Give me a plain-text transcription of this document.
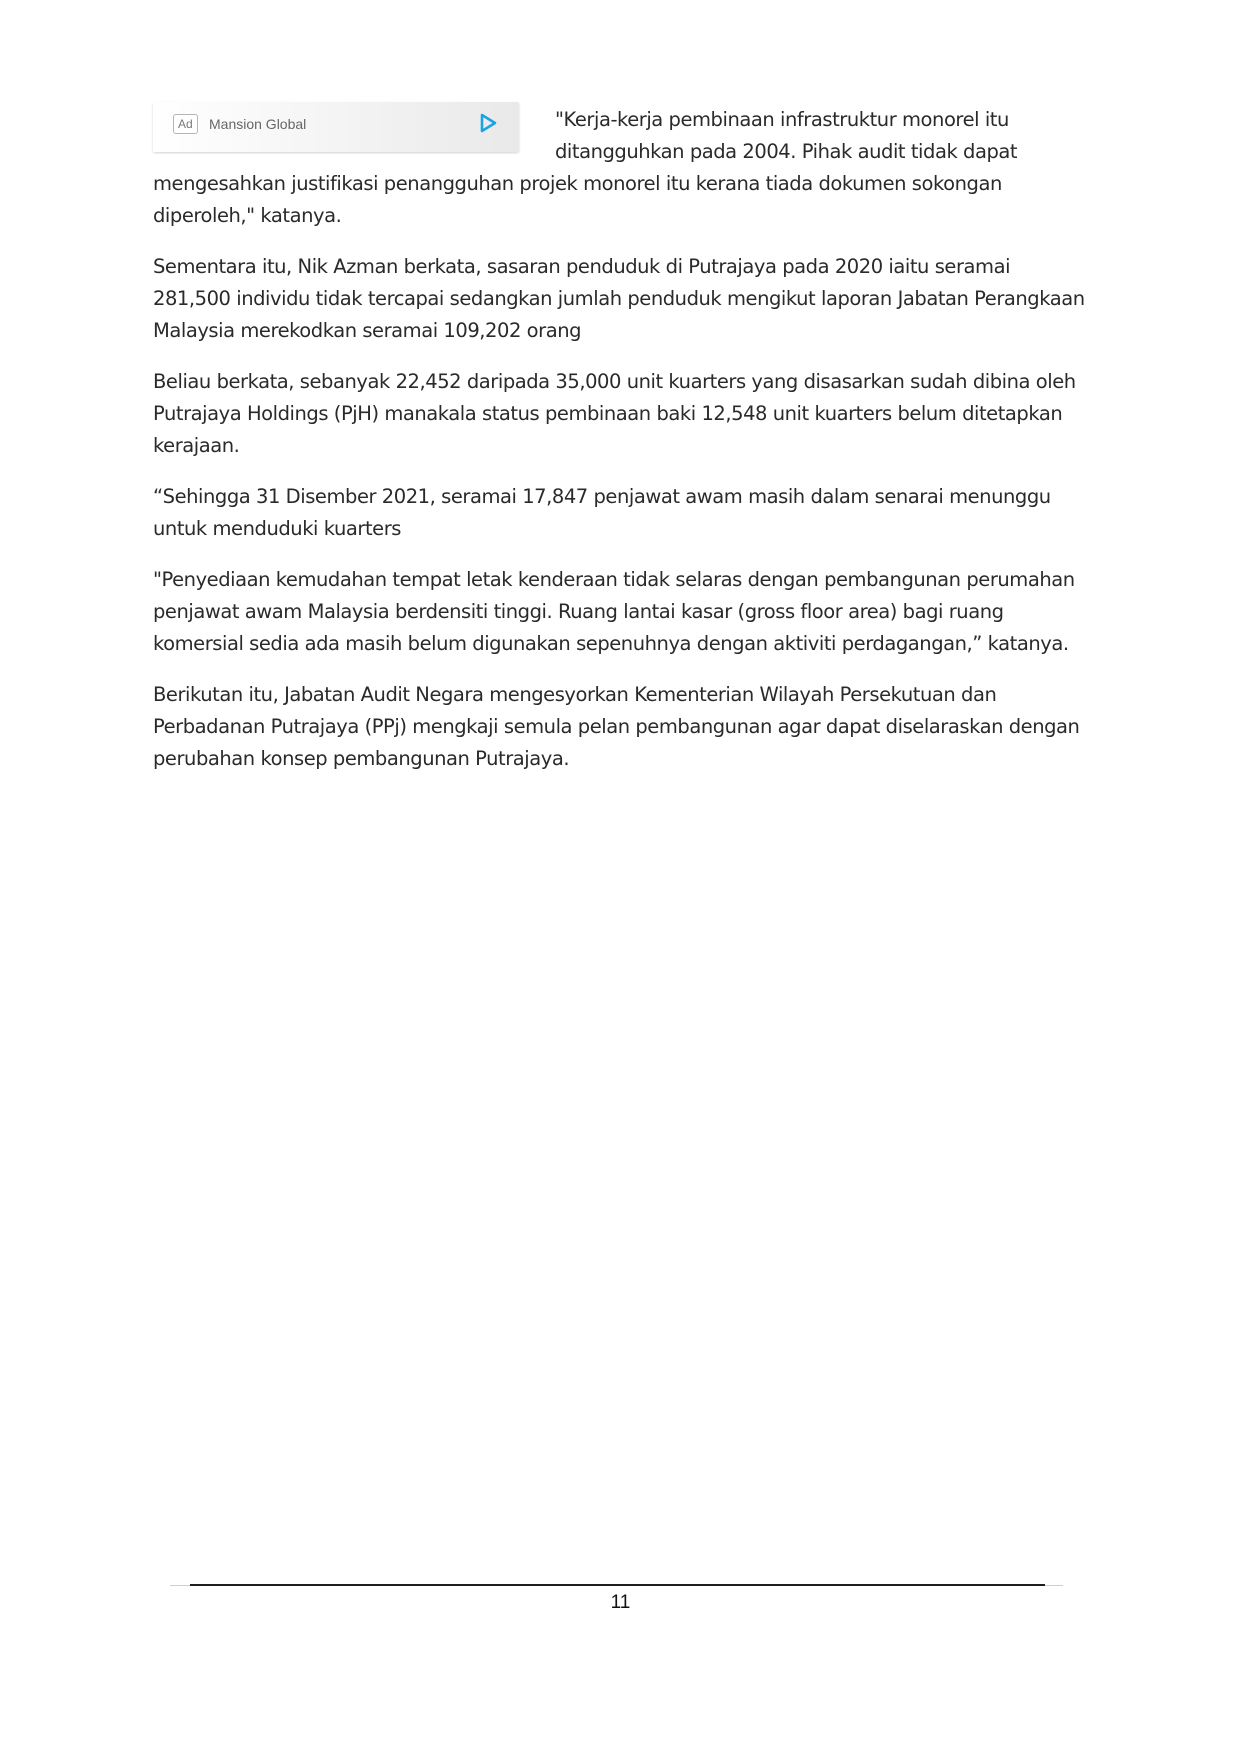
Ad	Mansion Global	"Kerja-kerja pembinaan infrastruktur monorel itu ditangguhkan pada 2004. Pihak audit tidak dapat mengesahkan justifikasi penangguhan projek monorel itu kerana tiada dokumen sokongan diperoleh," katanya.

Sementara itu, Nik Azman berkata, sasaran penduduk di Putrajaya pada 2020 iaitu seramai 281,500 individu tidak tercapai sedangkan jumlah penduduk mengikut laporan Jabatan Perangkaan Malaysia merekodkan seramai 109,202 orang

Beliau berkata, sebanyak 22,452 daripada 35,000 unit kuarters yang disasarkan sudah dibina oleh Putrajaya Holdings (PjH) manakala status pembinaan baki 12,548 unit kuarters belum ditetapkan kerajaan.

“Sehingga 31 Disember 2021, seramai 17,847 penjawat awam masih dalam senarai menunggu untuk menduduki kuarters

"Penyediaan kemudahan tempat letak kenderaan tidak selaras dengan pembangunan perumahan penjawat awam Malaysia berdensiti tinggi. Ruang lantai kasar (gross floor area) bagi ruang komersial sedia ada masih belum digunakan sepenuhnya dengan aktiviti perdagangan,” katanya.

Berikutan itu, Jabatan Audit Negara mengesyorkan Kementerian Wilayah Persekutuan dan Perbadanan Putrajaya (PPj) mengkaji semula pelan pembangunan agar dapat diselaraskan dengan perubahan konsep pembangunan Putrajaya.

11
